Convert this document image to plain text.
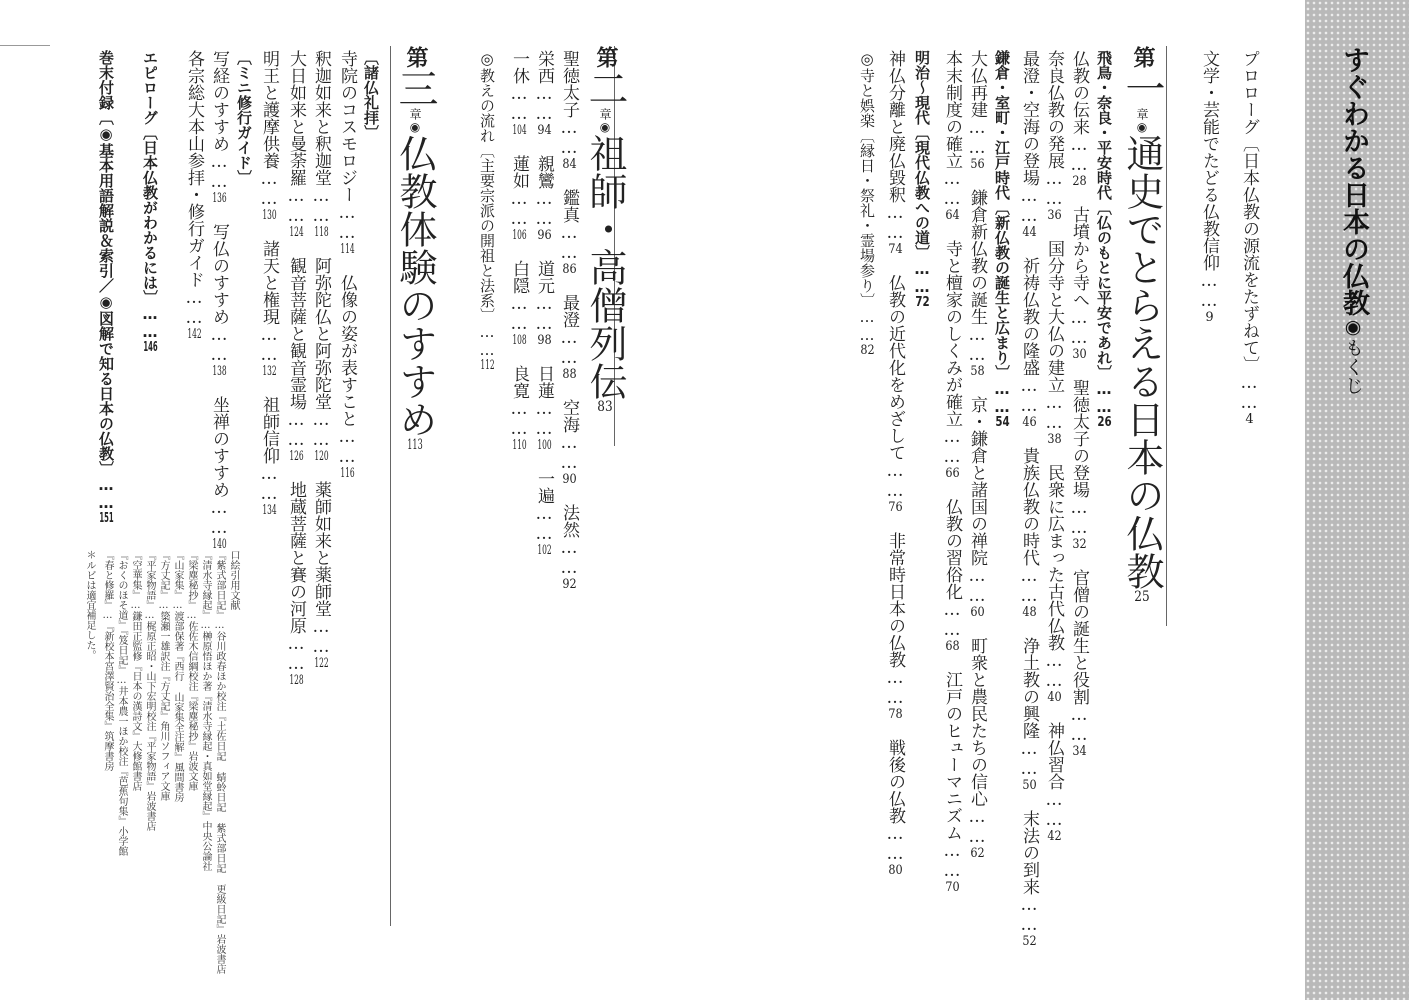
すぐわかる日本の仏教◉もくじ
プロローグ〔日本仏教の源流をたずねて〕……4
文学・芸能でたどる仏教信仰……9
第一章◉通史でとらえる日本の仏教25
飛鳥・奈良・平安時代〔仏のもとに平安であれ〕……26
仏教の伝来……28古墳から寺へ……30聖徳太子の登場……32官僧の誕生と役割……34
奈良仏教の発展……36国分寺と大仏の建立……38民衆に広まった古代仏教……40神仏習合……42
最澄・空海の登場……44祈祷仏教の隆盛……46貴族仏教の時代……48浄土教の興隆……50末法の到来……52
鎌倉・室町・江戸時代〔新仏教の誕生と広まり〕……54
大仏再建……56鎌倉新仏教の誕生……58京・鎌倉と諸国の禅院……60町衆と農民たちの信心……62
本末制度の確立……64寺と檀家のしくみが確立……66仏教の習俗化……68江戸のヒューマニズム……70
明治～現代〔現代仏教への道〕……72
神仏分離と廃仏毀釈……74仏教の近代化をめざして……76非常時日本の仏教……78戦後の仏教……80
◎寺と娯楽〔縁日・祭礼・霊場参り〕……82
第二章◉祖師・高僧列伝83
聖徳太子……84鑑真……86最澄……88空海……90法然……92
栄西……94親鸞……96道元……98日蓮……100一遍……102
一休……104蓮如……106白隠……108良寛……110
◎教えの流れ〔主要宗派の開祖と法系〕……112
第三章◉仏教体験のすすめ113
〔諸仏礼拝〕
寺院のコスモロジー……114仏像の姿が表すこと……116
釈迦如来と釈迦堂……118阿弥陀仏と阿弥陀堂……120薬師如来と薬師堂……122
大日如来と曼荼羅……124観音菩薩と観音霊場……126地蔵菩薩と賽の河原……128
明王と護摩供養……130諸天と権現……132祖師信仰……134
〔ミニ修行ガイド〕
写経のすすめ……136写仏のすすめ……138坐禅のすすめ……140
各宗総大本山参拝・修行ガイド……142
エピローグ〔日本仏教がわかるには〕……146
巻末付録〔◉基本用語解説＆索引／◉図解で知る日本の仏教〕……151
口絵引用文献
『紫式部日記』…谷川政春ほか校注『土佐日記 蜻蛉日記 紫式部日記 更級日記』岩波書店
『清水寺縁起』…榊原悟ほか著『清水寺縁起・真如堂縁起』中央公論社
『梁塵秘抄』…佐佐木信綱校注『梁塵秘抄』岩波文庫
『山家集』…渡部保著『西行 山家集全注解』風間書房
『方丈記』…簗瀬一雄訳注『方丈記』角川ソフィア文庫
『平家物語』…梶原正昭・山下宏明校注『平家物語』岩波書店
『空華集』…鎌田正監修『日本の漢詩文』大修館書店
『おくのほそ道』『笈日記』…井本農一ほか校注『芭蕉句集』小学館
『春と修羅』…『新校本宮澤賢治全集』筑摩書房
＊ルビは適宜補足した。
